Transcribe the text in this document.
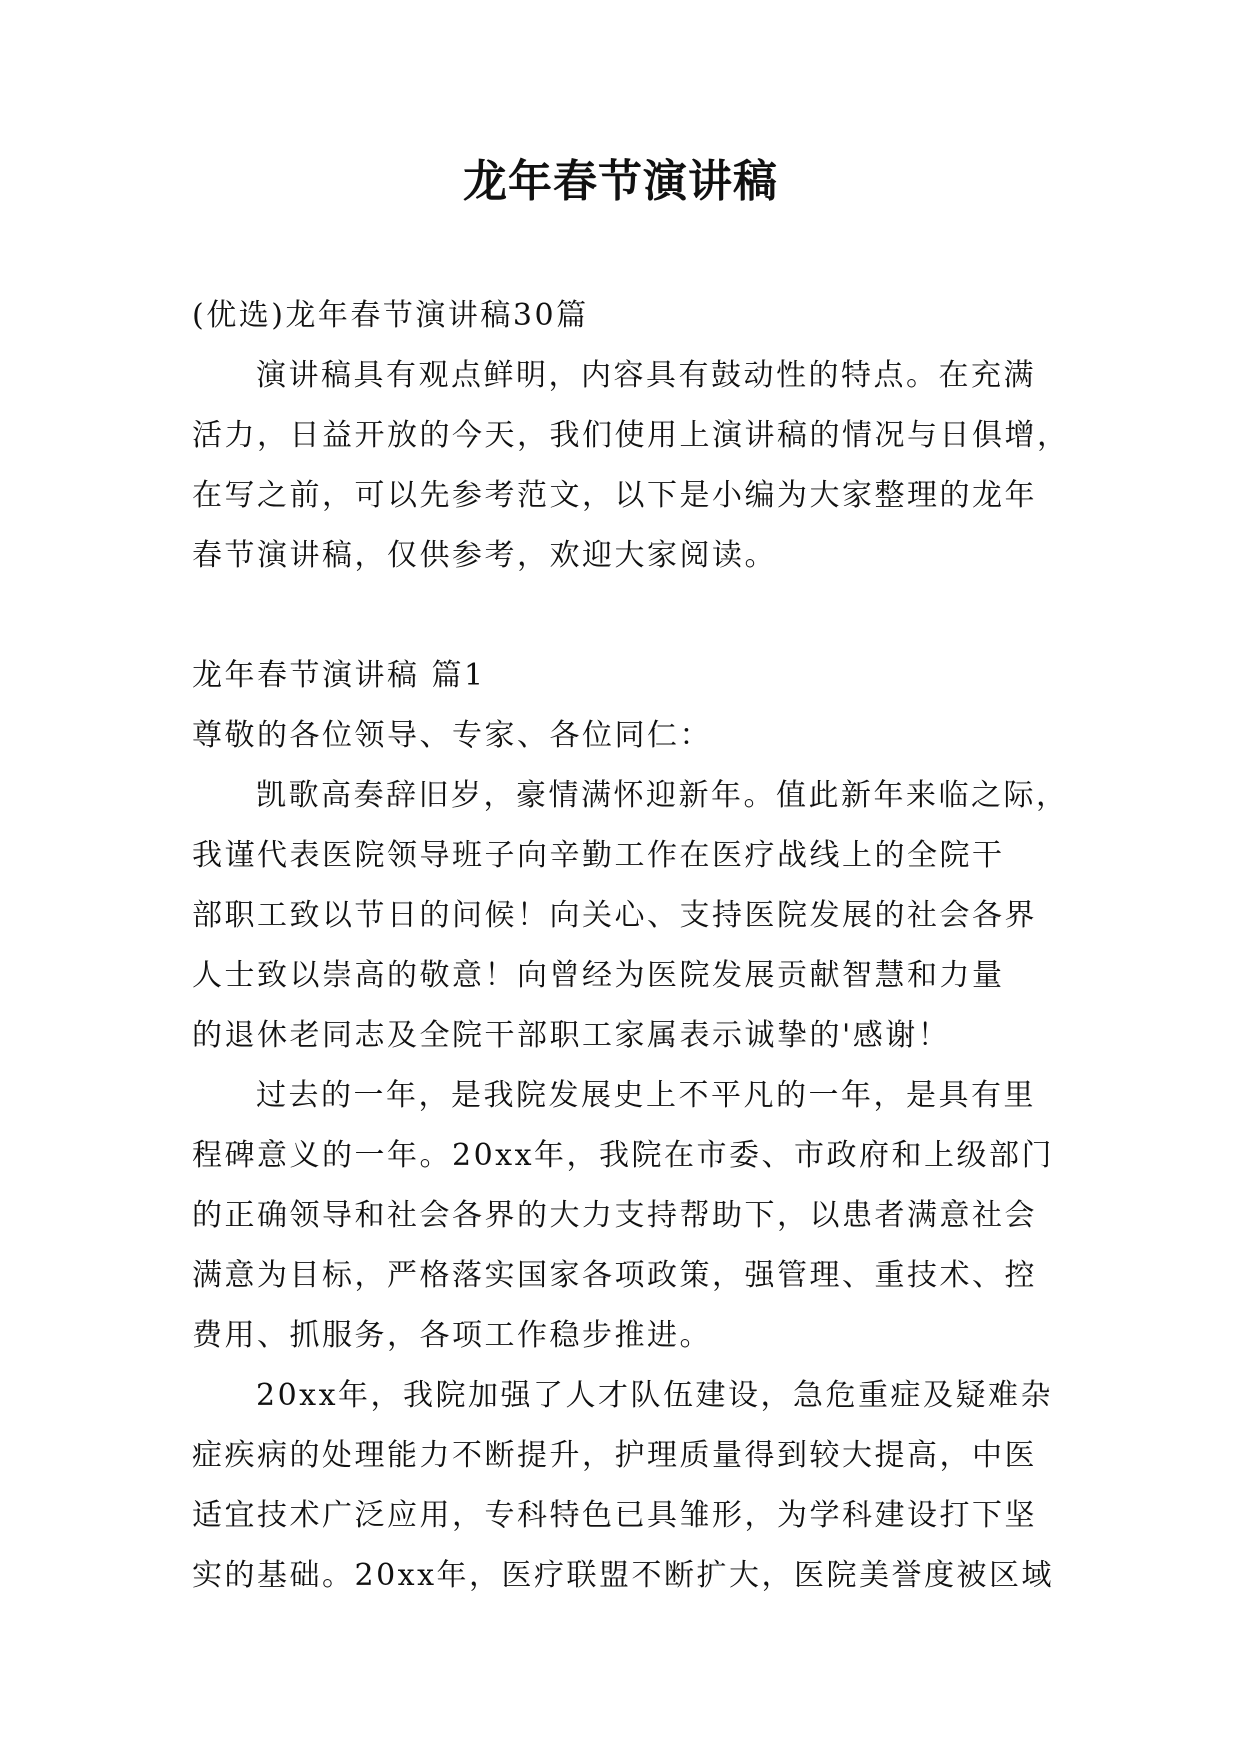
龙年春节演讲稿
(优选)龙年春节演讲稿30篇
演讲稿具有观点鲜明，内容具有鼓动性的特点。在充满
活力，日益开放的今天，我们使用上演讲稿的情况与日俱增，
在写之前，可以先参考范文，以下是小编为大家整理的龙年
春节演讲稿，仅供参考，欢迎大家阅读。
龙年春节演讲稿 篇1
尊敬的各位领导、专家、各位同仁：
凯歌高奏辞旧岁，豪情满怀迎新年。值此新年来临之际，
我谨代表医院领导班子向辛勤工作在医疗战线上的全院干
部职工致以节日的问候！向关心、支持医院发展的社会各界
人士致以崇高的敬意！向曾经为医院发展贡献智慧和力量
的退休老同志及全院干部职工家属表示诚挚的'感谢！
过去的一年，是我院发展史上不平凡的一年，是具有里
程碑意义的一年。20xx年，我院在市委、市政府和上级部门
的正确领导和社会各界的大力支持帮助下，以患者满意社会
满意为目标，严格落实国家各项政策，强管理、重技术、控
费用、抓服务，各项工作稳步推进。
20xx年，我院加强了人才队伍建设，急危重症及疑难杂
症疾病的处理能力不断提升，护理质量得到较大提高，中医
适宜技术广泛应用，专科特色已具雏形，为学科建设打下坚
实的基础。20xx年，医疗联盟不断扩大，医院美誉度被区域
